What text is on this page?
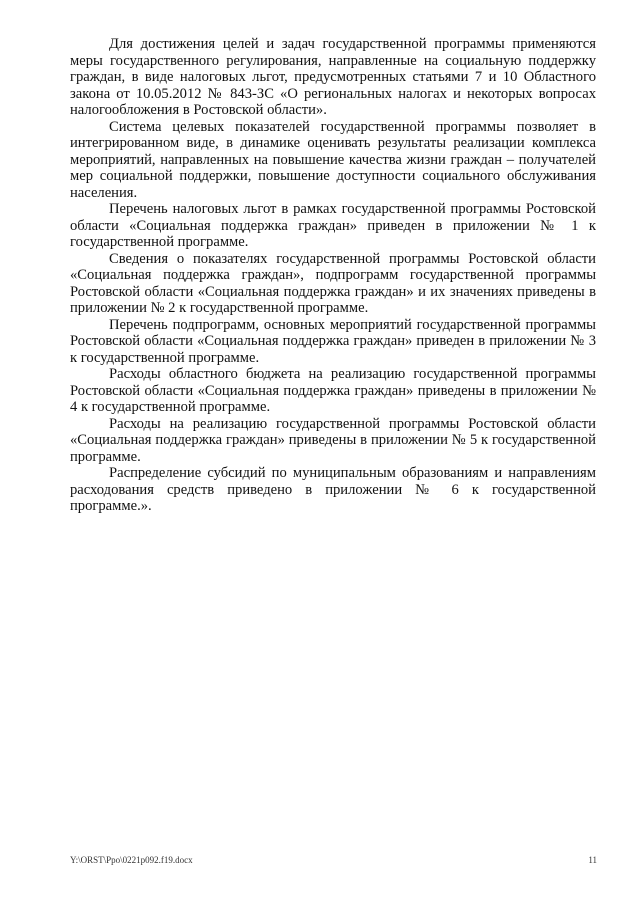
Для достижения целей и задач государственной программы применяются меры государственного регулирования, направленные на социальную поддержку граждан, в виде налоговых льгот, предусмотренных статьями 7 и 10 Областного закона от 10.05.2012 № 843-ЗС «О региональных налогах и некоторых вопросах налогообложения в Ростовской области».

Система целевых показателей государственной программы позволяет в интегрированном виде, в динамике оценивать результаты реализации комплекса мероприятий, направленных на повышение качества жизни граждан – получателей мер социальной поддержки, повышение доступности социального обслуживания населения.

Перечень налоговых льгот в рамках государственной программы Ростовской области «Социальная поддержка граждан» приведен в приложении № 1 к государственной программе.

Сведения о показателях государственной программы Ростовской области «Социальная поддержка граждан», подпрограмм государственной программы Ростовской области «Социальная поддержка граждан» и их значениях приведены в приложении № 2 к государственной программе.

Перечень подпрограмм, основных мероприятий государственной программы Ростовской области «Социальная поддержка граждан» приведен в приложении № 3 к государственной программе.

Расходы областного бюджета на реализацию государственной программы Ростовской области «Социальная поддержка граждан» приведены в приложении № 4 к государственной программе.

Расходы на реализацию государственной программы Ростовской области «Социальная поддержка граждан» приведены в приложении № 5 к государственной программе.

Распределение субсидий по муниципальным образованиям и направлениям расходования средств приведено в приложении № 6 к государственной программе.».

Y:\ORST\Ppo\0221p092.f19.docx	11
